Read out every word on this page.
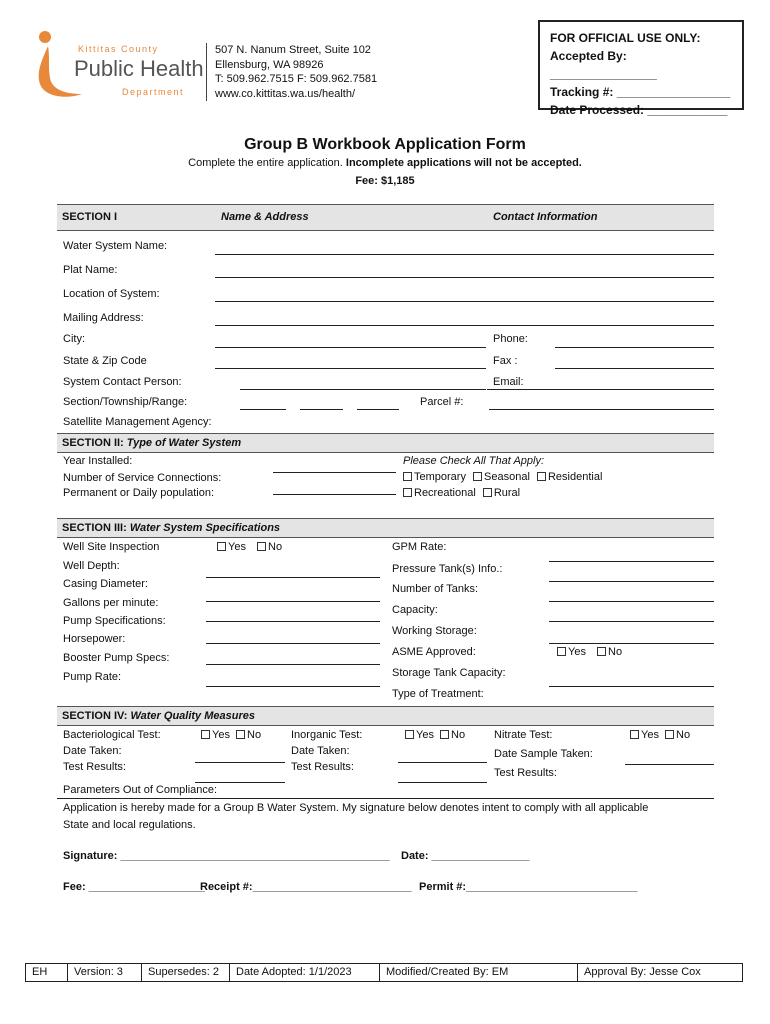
Kittitas County
Public Health
Department
507 N. Nanum Street, Suite 102
Ellensburg, WA 98926
T: 509.962.7515 F: 509.962.7581
www.co.kittitas.wa.us/health/
FOR OFFICIAL USE ONLY:
Accepted By: ________________
Tracking #: _________________
Date Processed: ____________
Group B Workbook Application Form
Complete the entire application. Incomplete applications will not be accepted.
Fee: $1,185
SECTION I	Name & Address	Contact Information
Water System Name:
Plat Name:
Location of System:
Mailing Address:
City:	Phone:
State & Zip Code	Fax :
System Contact Person:	Email:
Section/Township/Range:	Parcel #:
Satellite Management Agency:
SECTION II: Type of Water System
Year Installed:
Number of Service Connections:
Permanent or Daily population:
Please Check All That Apply:
Temporary Seasonal Residential
Recreational Rural
SECTION III: Water System Specifications
Well Site Inspection	Yes No
Well Depth:
Casing Diameter:
Gallons per minute:
Pump Specifications:
Horsepower:
Booster Pump Specs:
Pump Rate:
GPM Rate:
Pressure Tank(s) Info.:
Number of Tanks:
Capacity:
Working Storage:
ASME Approved:	Yes No
Storage Tank Capacity:
Type of Treatment:
SECTION IV: Water Quality Measures
Bacteriological Test:	Yes No
Date Taken:
Test Results:
Inorganic Test:	Yes No
Date Taken:
Test Results:
Nitrate Test:	Yes No
Date Sample Taken:
Test Results:
Parameters Out of Compliance:
Application is hereby made for a Group B Water System. My signature below denotes intent to comply with all applicable
State and local regulations.
Signature: ____________________________________________ Date: ________________
Fee: ___________________
Receipt #:__________________________ Permit #:____________________________
EH	Version: 3	Supersedes: 2	Date Adopted: 1/1/2023	Modified/Created By: EM	Approval By: Jesse Cox
